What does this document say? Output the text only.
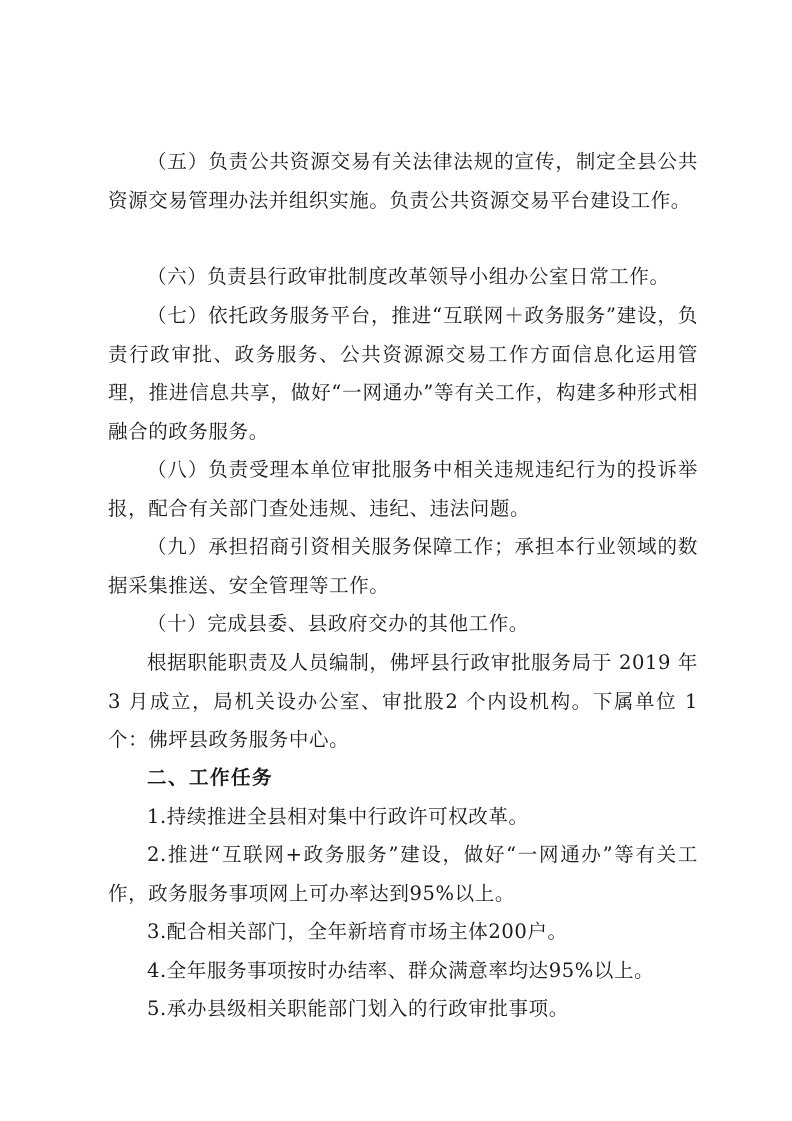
（五）负责公共资源交易有关法律法规的宣传，制定全县公共资源交易管理办法并组织实施。负责公共资源交易平台建设工作。

（六）负责县行政审批制度改革领导小组办公室日常工作。

（七）依托政务服务平台，推进“互联网＋政务服务”建设，负责行政审批、政务服务、公共资源源交易工作方面信息化运用管理，推进信息共享，做好“一网通办”等有关工作，构建多种形式相融合的政务服务。

（八）负责受理本单位审批服务中相关违规违纪行为的投诉举报，配合有关部门查处违规、违纪、违法问题。

（九）承担招商引资相关服务保障工作；承担本行业领域的数据采集推送、安全管理等工作。

（十）完成县委、县政府交办的其他工作。

根据职能职责及人员编制，佛坪县行政审批服务局于 2019 年 3 月成立，局机关设办公室、审批股2 个内设机构。下属单位 1 个：佛坪县政务服务中心。

二、工作任务

1.持续推进全县相对集中行政许可权改革。

2.推进“互联网+政务服务”建设，做好“一网通办”等有关工作，政务服务事项网上可办率达到95%以上。

3.配合相关部门，全年新培育市场主体200户。

4.全年服务事项按时办结率、群众满意率均达95%以上。

5.承办县级相关职能部门划入的行政审批事项。
